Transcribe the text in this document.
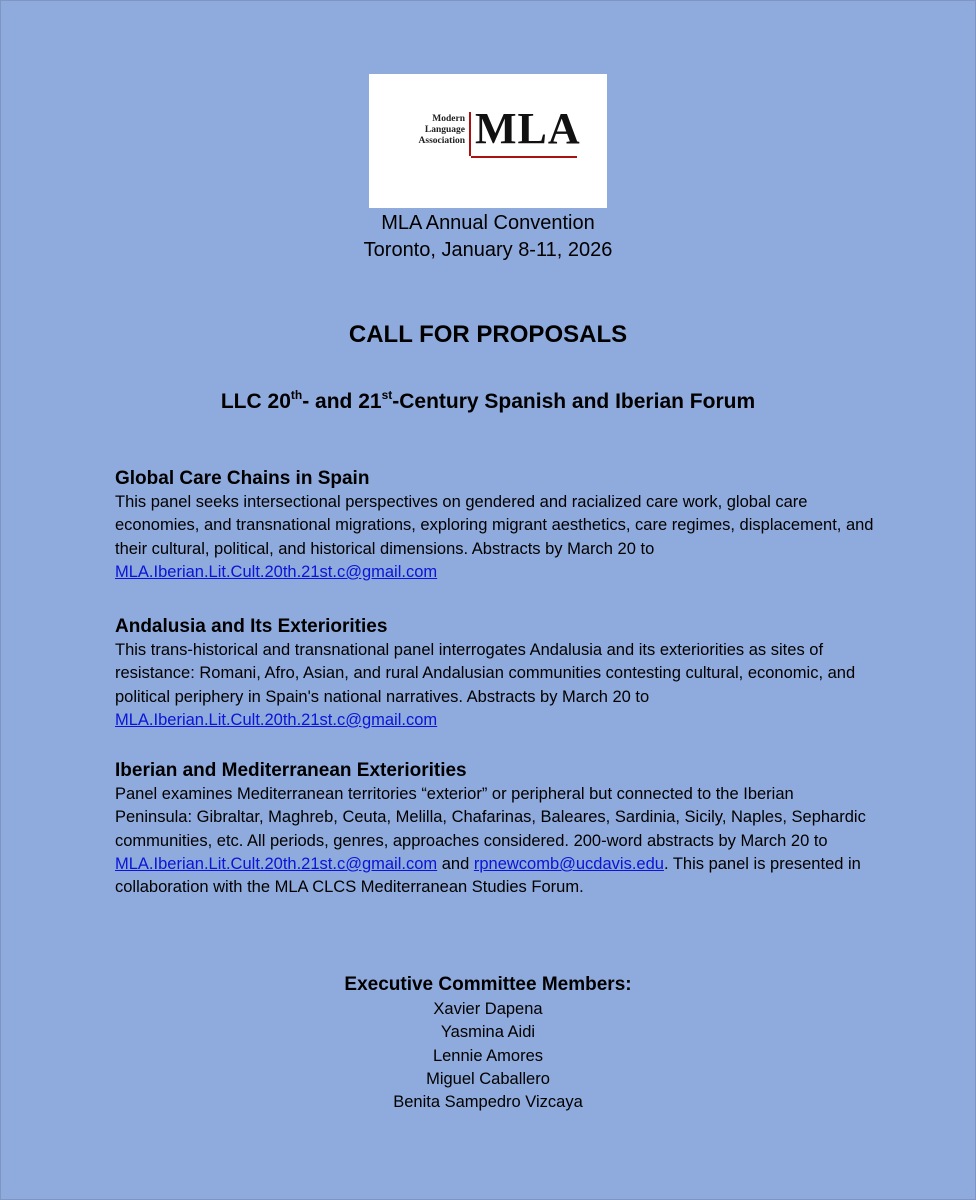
Modern
Language
Association MLA
MLA Annual Convention
Toronto, January 8-11, 2026
CALL FOR PROPOSALS
LLC 20th- and 21st-Century Spanish and Iberian Forum
Global Care Chains in Spain

This panel seeks intersectional perspectives on gendered and racialized care work, global care economies, and transnational migrations, exploring migrant aesthetics, care regimes, displacement, and their cultural, political, and historical dimensions. Abstracts by March 20 to MLA.Iberian.Lit.Cult.20th.21st.c@gmail.com

Andalusia and Its Exteriorities

This trans-historical and transnational panel interrogates Andalusia and its exteriorities as sites of resistance: Romani, Afro, Asian, and rural Andalusian communities contesting cultural, economic, and political periphery in Spain's national narratives. Abstracts by March 20 to MLA.Iberian.Lit.Cult.20th.21st.c@gmail.com

Iberian and Mediterranean Exteriorities

Panel examines Mediterranean territories “exterior” or peripheral but connected to the Iberian Peninsula: Gibraltar, Maghreb, Ceuta, Melilla, Chafarinas, Baleares, Sardinia, Sicily, Naples, Sephardic communities, etc. All periods, genres, approaches considered. 200-word abstracts by March 20 to MLA.Iberian.Lit.Cult.20th.21st.c@gmail.com and rpnewcomb@ucdavis.edu. This panel is presented in collaboration with the MLA CLCS Mediterranean Studies Forum.

Executive Committee Members:
Xavier Dapena
Yasmina Aidi
Lennie Amores
Miguel Caballero
Benita Sampedro Vizcaya
